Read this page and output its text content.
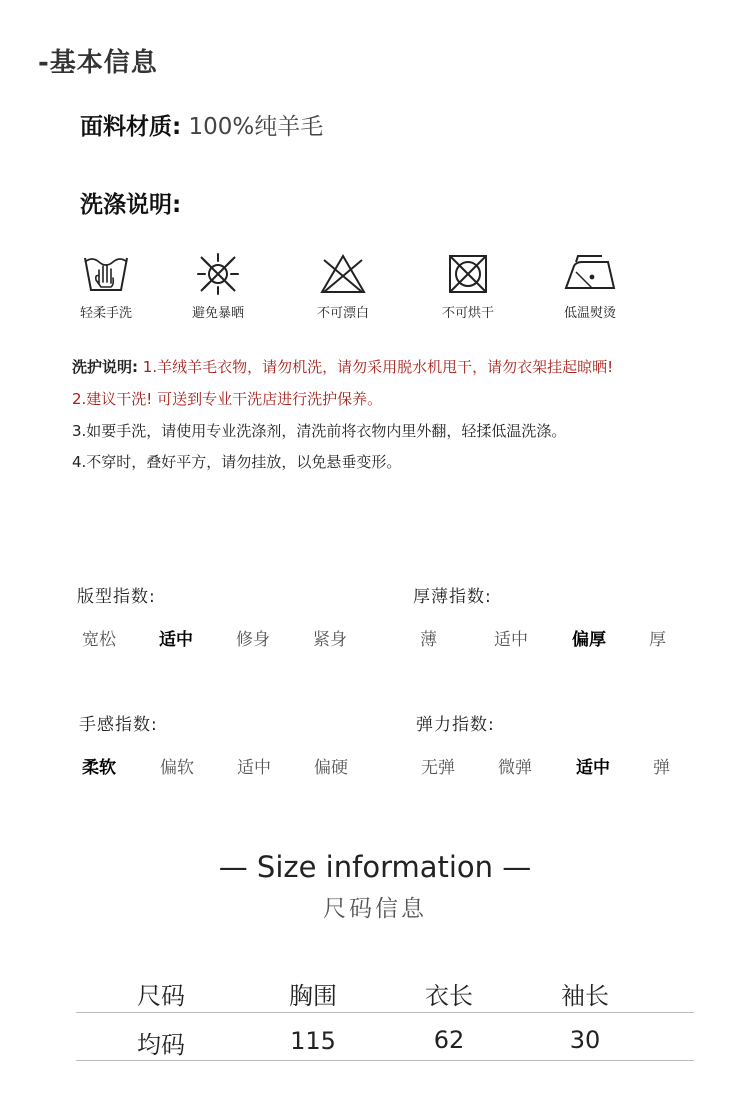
-基本信息
面料材质: 100%纯羊毛
洗涤说明:
轻柔手洗	避免暴晒	不可漂白	不可烘干	低温熨烫
洗护说明: 1.羊绒羊毛衣物，请勿机洗，请勿采用脱水机甩干，请勿衣架挂起晾晒!
2.建议干洗! 可送到专业干洗店进行洗护保养。
3.如要手洗，请使用专业洗涤剂，清洗前将衣物内里外翻，轻揉低温洗涤。
4.不穿时，叠好平方，请勿挂放，以免悬垂变形。
版型指数:
宽松	适中	修身	紧身
厚薄指数:
薄	适中	偏厚	厚
手感指数:
柔软	偏软	适中	偏硬
弹力指数:
无弹	微弹	适中	弹
— Size information —
尺码信息
尺码	胸围	衣长	袖长
均码	115	62	30
